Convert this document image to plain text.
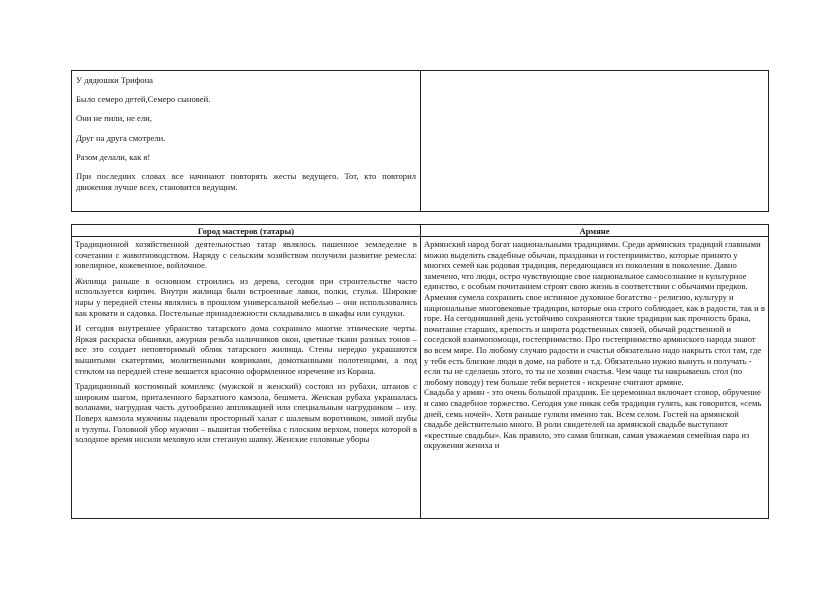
У дядюшки Трифона

Было семеро детей,Семеро сыновей.

Они не пили, не ели,

Друг на друга смотрели.

Разом делали, как я!

При последних словах все начинают повторять жесты ведущего. Тот, кто повторил движения лучше всех, становится ведущим.

Город мастеров (татары)	Армяне

Традиционной хозяйственной деятельностью татар являлось пашенное земледелие в сочетании с животноводством. Наряду с сельским хозяйством получили развитие ремесла: ювелирное, кожевенное, войлочное.

Жилища раньше в основном строились из дерева, сегодня при строительстве часто используется кирпич. Внутри жилища были встроенные лавки, полки, стулья. Широкие нары у передней стены являлись в прошлом универсальной мебелью – они использовались как кровати и садовка. Постельные принадлежности складывались в шкафы или сундуки.

И сегодня внутреннее убранство татарского дома сохранило многие этнические черты. Яркая раскраска обшивки, ажурная резьба наличников окон, цветные ткани разных тонов – все это создает неповторимый облик татарского жилища. Стены нередко украшаются вышитыми скатертями, молитвенными ковриками, домотканными полотенцами, а под стеклом на передней стене вешается красочно оформленное изречение из Корана.

Традиционный костюмный комплекс (мужской и женский) состоял из рубахи, штанов с широким шагом, приталенного бархатного камзола, бешмета. Женская рубаха украшалась воланами, нагрудная часть дугообразно аппликацией или специальным нагрудником – изу. Поверх камзола мужчины надевали просторный халат с шалевым воротником, зимой шубы и тулупы. Головной убор мужчин – вышитая тюбетейка с плоским верхом, поверх которой в холодное время носили меховую или стеганую шапку. Женские головные уборы

Армянский народ богат национальными традициями. Среди армянских традиций главными можно выделить свадебные обычаи, праздники и гостеприимство, которые принято у многих семей как родовая традиция, передающаяся из поколения в поколение. Давно замечено, что люди, остро чувствующие свое национальное самосознание и культурное единство, с особым почитанием строят свою жизнь в соответствии с обычаями предков. Армения сумела сохранить свое истинное духовное богатство - религию, культуру и национальные многовековые традиции, которые она строго соблюдает, как в радости, так и в горе. На сегодняшний день устойчиво сохраняются такие традиции как прочность брака, почитание старших, крепость и широта родственных связей, обычай родственной и соседской взаимопомощи, гостеприимство. Про гостеприимство армянского народа знают во всем мире. По любому случаю радости и счастья обязательно надо накрыть стол там, где у тебя есть близкие люди в доме, на работе и т.д. Обязательно нужно вынуть и получать - если ты не сделаешь этого, то ты не хозяин счастья. Чем чаще ты накрываешь стол (по любому поводу) тем больше тебя вернется - искренне считают армяне.

Свадьба у армян - это очень большой праздник. Ее церемониал включает сговор, обручение и само свадебное торжество. Сегодня уже никак себя традиция гулять, как говорится, «семь дней, семь ночей». Хотя раньше гуляли именно так. Всем селом. Гостей на армянской свадьбе действительно много. В роли свидетелей на армянской свадьбе выступают «крестные свадьбы». Как правило, это самая близкая, самая уважаемая семейная пара из окружения жениха и
